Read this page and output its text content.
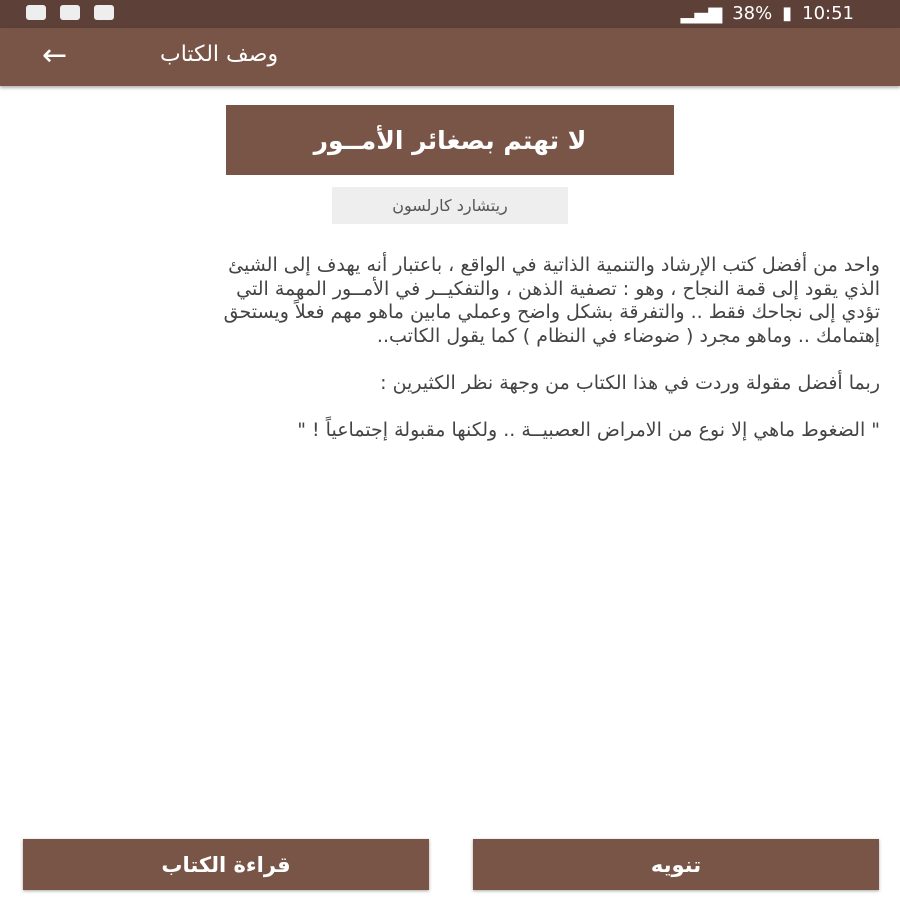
▂▄▆ 38% ▮ 10:51
←	وصف الكتاب
لا تهتم بصغائر الأمــور
ريتشارد كارلسون
واحد من أفضل كتب الإرشاد والتنمية الذاتية في الواقع ، باعتبار أنه يهدف إلى الشيئ الذي يقود إلى قمة النجاح ، وهو : تصفية الذهن ، والتفكيــر في الأمــور المهمة التي تؤدي إلى نجاحك فقط .. والتفرقة بشكل واضح وعملي مابين ماهو مهم فعلاً ويستحق إهتمامك .. وماهو مجرد ( ضوضاء في النظام ) كما يقول الكاتب..

ربما أفضل مقولة وردت في هذا الكتاب من وجهة نظر الكثيرين :

" الضغوط ماهي إلا نوع من الامراض العصبيــة .. ولكنها مقبولة إجتماعياً ! "
قراءة الكتاب	تنويه
